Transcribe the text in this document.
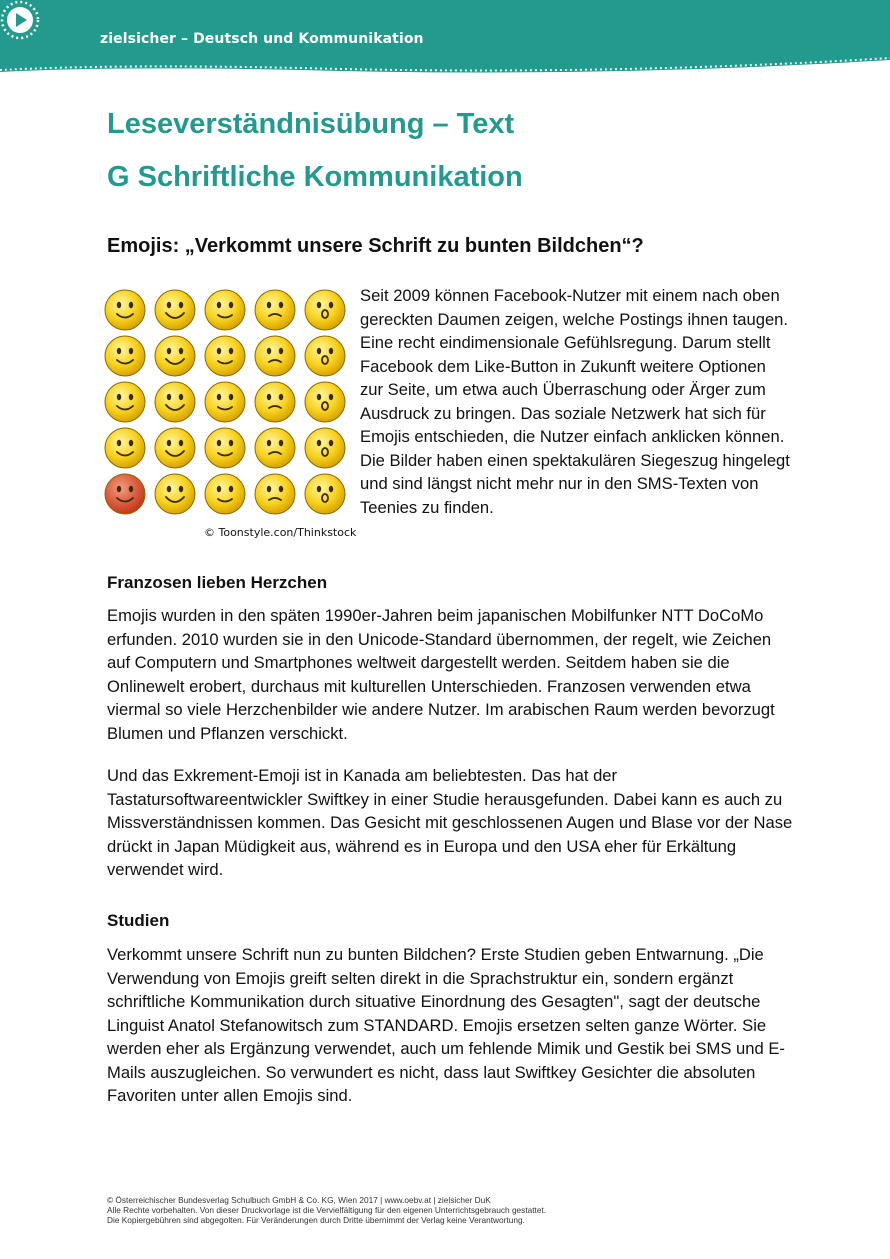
zielsicher – Deutsch und Kommunikation
Leseverständnisübung – Text
G Schriftliche Kommunikation
Emojis: „Verkommt unsere Schrift zu bunten Bildchen“?
© Toonstyle.con/Thinkstock

Seit 2009 können Facebook-Nutzer mit einem nach oben gereckten Daumen zeigen, welche Postings ihnen taugen. Eine recht eindimensionale Gefühlsregung. Darum stellt Facebook dem Like-Button in Zukunft weitere Optionen zur Seite, um etwa auch Überraschung oder Ärger zum Ausdruck zu bringen. Das soziale Netzwerk hat sich für Emojis entschieden, die Nutzer einfach anklicken können. Die Bilder haben einen spektakulären Siegeszug hingelegt und sind längst nicht mehr nur in den SMS-Texten von Teenies zu finden.

Franzosen lieben Herzchen

Emojis wurden in den späten 1990er-Jahren beim japanischen Mobilfunker NTT DoCoMo erfunden. 2010 wurden sie in den Unicode-Standard übernommen, der regelt, wie Zeichen auf Computern und Smartphones weltweit dargestellt werden. Seitdem haben sie die Onlinewelt erobert, durchaus mit kulturellen Unterschieden. Franzosen verwenden etwa viermal so viele Herzchenbilder wie andere Nutzer. Im arabischen Raum werden bevorzugt Blumen und Pflanzen verschickt.

Und das Exkrement-Emoji ist in Kanada am beliebtesten. Das hat der Tastatursoftwareentwickler Swiftkey in einer Studie herausgefunden. Dabei kann es auch zu Missverständnissen kommen. Das Gesicht mit geschlossenen Augen und Blase vor der Nase drückt in Japan Müdigkeit aus, während es in Europa und den USA eher für Erkältung verwendet wird.

Studien

Verkommt unsere Schrift nun zu bunten Bildchen? Erste Studien geben Entwarnung. „Die Verwendung von Emojis greift selten direkt in die Sprachstruktur ein, sondern ergänzt schriftliche Kommunikation durch situative Einordnung des Gesagten", sagt der deutsche Linguist Anatol Stefanowitsch zum STANDARD. Emojis ersetzen selten ganze Wörter. Sie werden eher als Ergänzung verwendet, auch um fehlende Mimik und Gestik bei SMS und E-Mails auszugleichen. So verwundert es nicht, dass laut Swiftkey Gesichter die absoluten Favoriten unter allen Emojis sind.

© Österreichischer Bundesverlag Schulbuch GmbH & Co. KG, Wien 2017 | www.oebv.at | zielsicher DuK
Alle Rechte vorbehalten. Von dieser Druckvorlage ist die Vervielfältigung für den eigenen Unterrichtsgebrauch gestattet.
Die Kopiergebühren sind abgegolten. Für Veränderungen durch Dritte übernimmt der Verlag keine Verantwortung.
